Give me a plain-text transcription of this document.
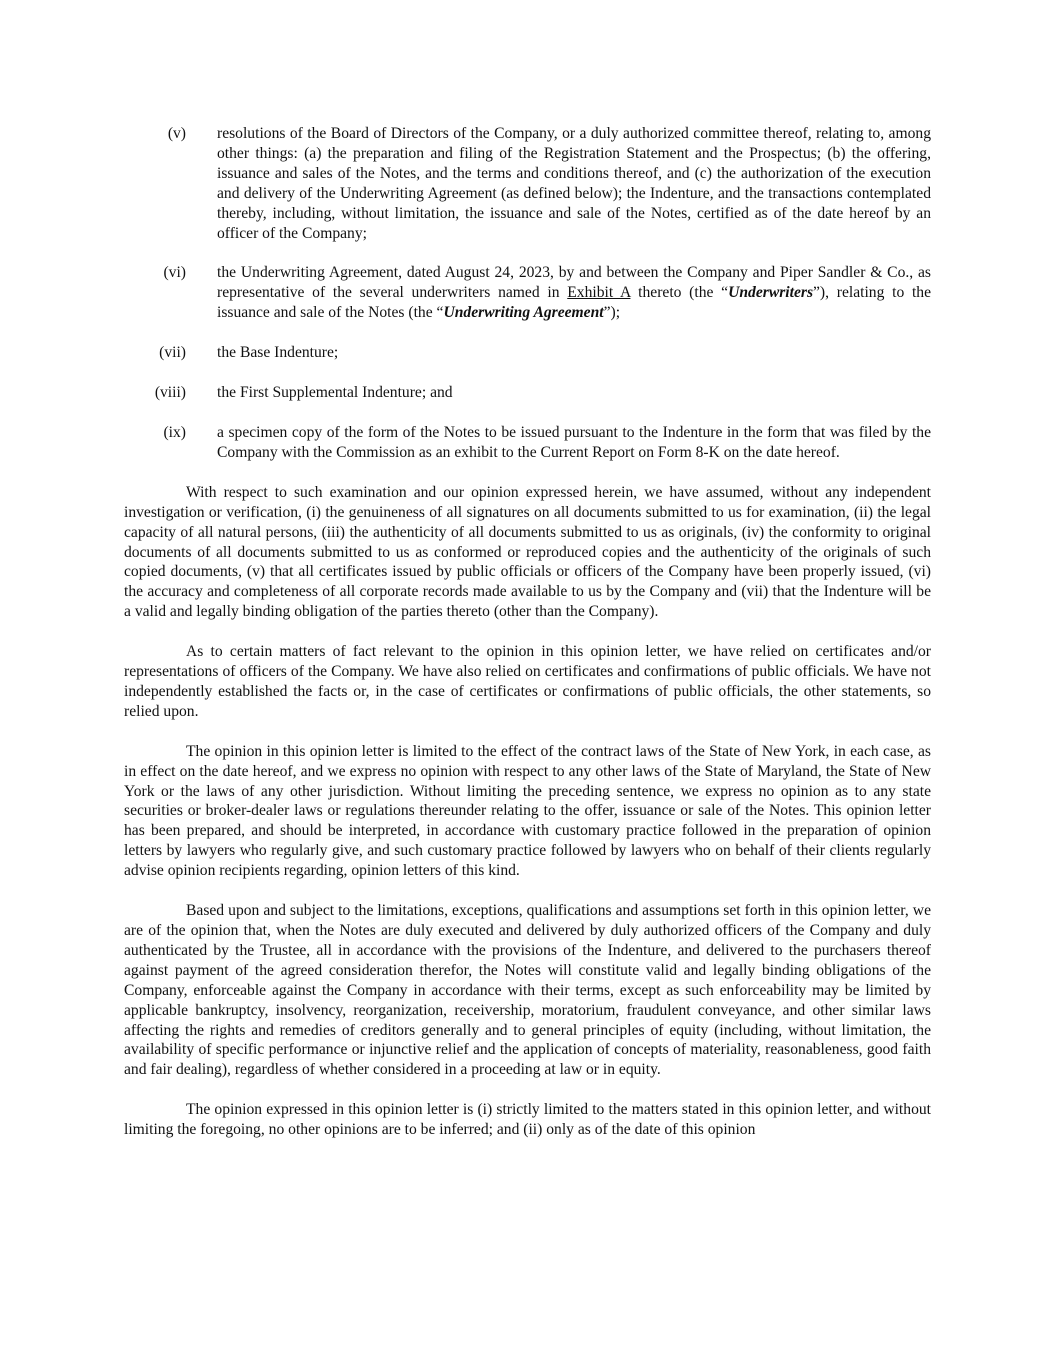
(v) resolutions of the Board of Directors of the Company, or a duly authorized committee thereof, relating to, among other things: (a) the preparation and filing of the Registration Statement and the Prospectus; (b) the offering, issuance and sales of the Notes, and the terms and conditions thereof, and (c) the authorization of the execution and delivery of the Underwriting Agreement (as defined below); the Indenture, and the transactions contemplated thereby, including, without limitation, the issuance and sale of the Notes, certified as of the date hereof by an officer of the Company;
(vi) the Underwriting Agreement, dated August 24, 2023, by and between the Company and Piper Sandler & Co., as representative of the several underwriters named in Exhibit A thereto (the “Underwriters”), relating to the issuance and sale of the Notes (the “Underwriting Agreement”);
(vii) the Base Indenture;
(viii) the First Supplemental Indenture; and
(ix) a specimen copy of the form of the Notes to be issued pursuant to the Indenture in the form that was filed by the Company with the Commission as an exhibit to the Current Report on Form 8-K on the date hereof.

With respect to such examination and our opinion expressed herein, we have assumed, without any independent investigation or verification, (i) the genuineness of all signatures on all documents submitted to us for examination, (ii) the legal capacity of all natural persons, (iii) the authenticity of all documents submitted to us as originals, (iv) the conformity to original documents of all documents submitted to us as conformed or reproduced copies and the authenticity of the originals of such copied documents, (v) that all certificates issued by public officials or officers of the Company have been properly issued, (vi) the accuracy and completeness of all corporate records made available to us by the Company and (vii) that the Indenture will be a valid and legally binding obligation of the parties thereto (other than the Company).

As to certain matters of fact relevant to the opinion in this opinion letter, we have relied on certificates and/or representations of officers of the Company. We have also relied on certificates and confirmations of public officials. We have not independently established the facts or, in the case of certificates or confirmations of public officials, the other statements, so relied upon.

The opinion in this opinion letter is limited to the effect of the contract laws of the State of New York, in each case, as in effect on the date hereof, and we express no opinion with respect to any other laws of the State of Maryland, the State of New York or the laws of any other jurisdiction. Without limiting the preceding sentence, we express no opinion as to any state securities or broker-dealer laws or regulations thereunder relating to the offer, issuance or sale of the Notes. This opinion letter has been prepared, and should be interpreted, in accordance with customary practice followed in the preparation of opinion letters by lawyers who regularly give, and such customary practice followed by lawyers who on behalf of their clients regularly advise opinion recipients regarding, opinion letters of this kind.

Based upon and subject to the limitations, exceptions, qualifications and assumptions set forth in this opinion letter, we are of the opinion that, when the Notes are duly executed and delivered by duly authorized officers of the Company and duly authenticated by the Trustee, all in accordance with the provisions of the Indenture, and delivered to the purchasers thereof against payment of the agreed consideration therefor, the Notes will constitute valid and legally binding obligations of the Company, enforceable against the Company in accordance with their terms, except as such enforceability may be limited by applicable bankruptcy, insolvency, reorganization, receivership, moratorium, fraudulent conveyance, and other similar laws affecting the rights and remedies of creditors generally and to general principles of equity (including, without limitation, the availability of specific performance or injunctive relief and the application of concepts of materiality, reasonableness, good faith and fair dealing), regardless of whether considered in a proceeding at law or in equity.

The opinion expressed in this opinion letter is (i) strictly limited to the matters stated in this opinion letter, and without limiting the foregoing, no other opinions are to be inferred; and (ii) only as of the date of this opinion
